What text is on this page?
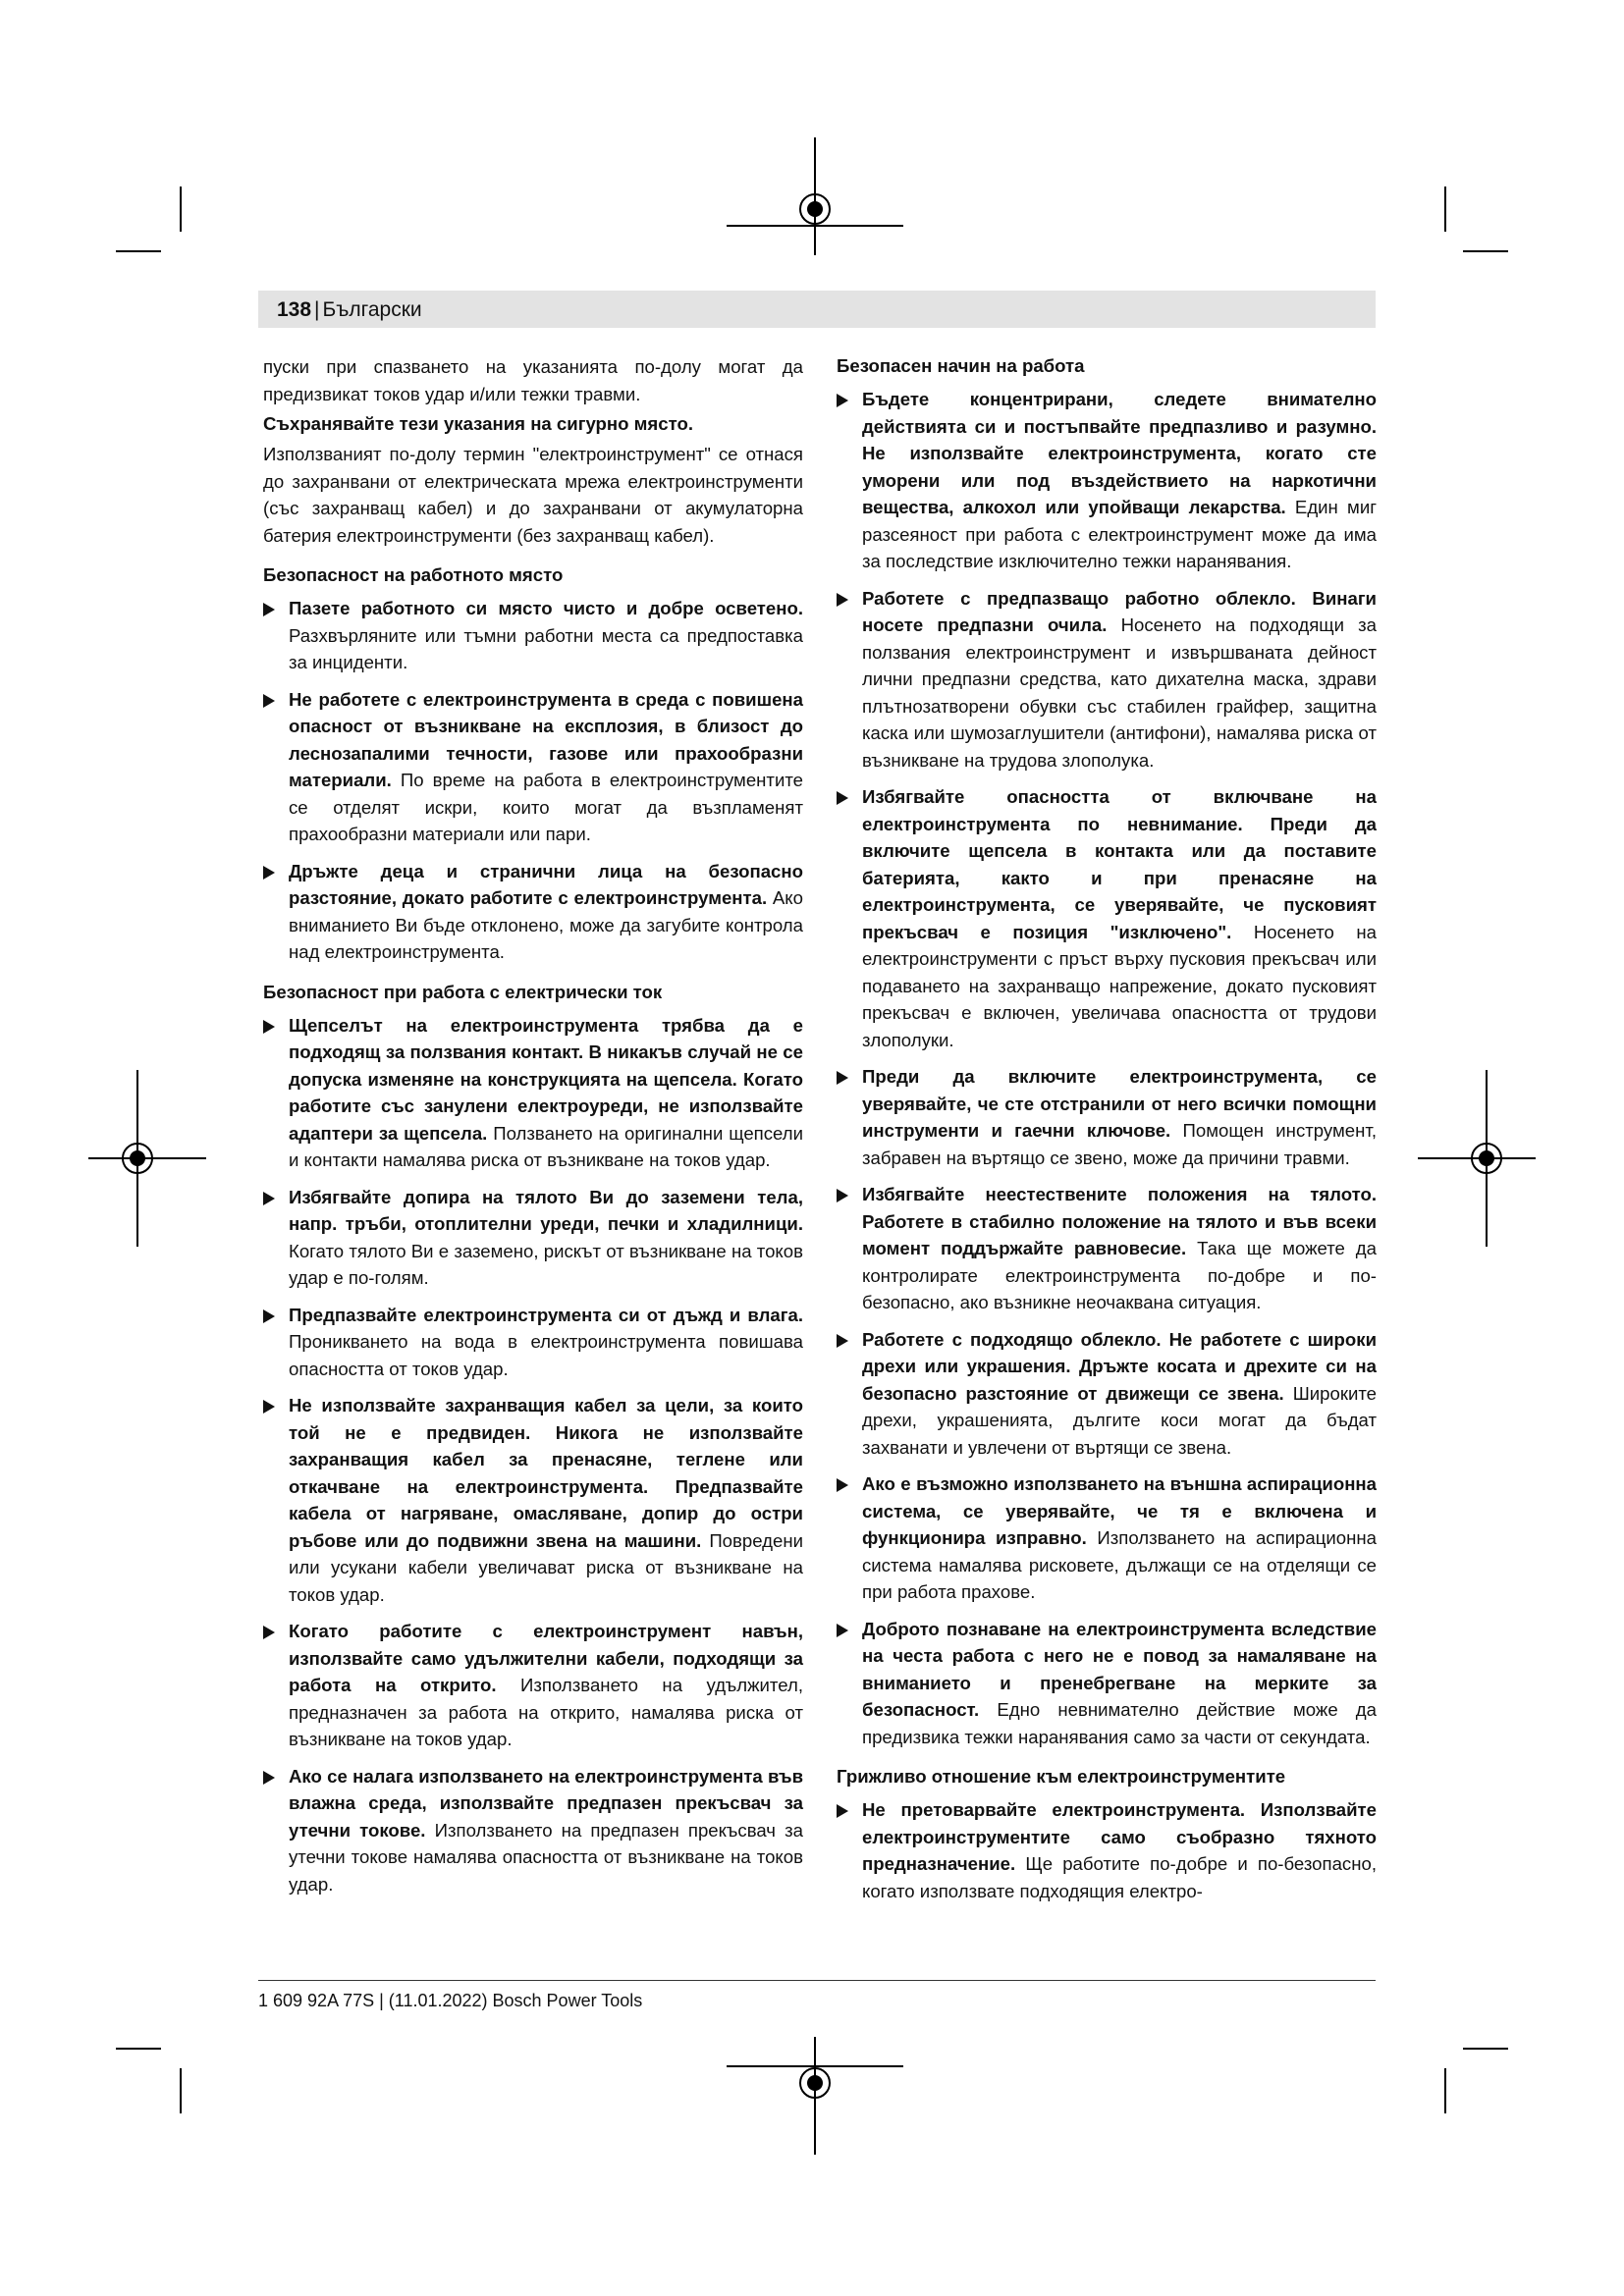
138 | Български

пуски при спазването на указанията по-долу могат да предизвикат токов удар и/или тежки травми.

Съхранявайте тези указания на сигурно място.

Използваният по-долу термин "електроинструмент" се отнася до захранвани от електрическата мрежа електроинструменти (със захранващ кабел) и до захранвани от акумулаторна батерия електроинструменти (без захранващ кабел).

Безопасност на работното място
Пазете работното си място чисто и добре осветено. Разхвърляните или тъмни работни места са предпоставка за инциденти.
Не работете с електроинструмента в среда с повишена опасност от възникване на експлозия, в близост до леснозапалими течности, газове или прахообразни материали. По време на работа в електроинструментите се отделят искри, които могат да възпламенят прахообразни материали или пари.
Дръжте деца и странични лица на безопасно разстояние, докато работите с електроинструмента. Ако вниманието Ви бъде отклонено, може да загубите контрола над електроинструмента.
Безопасност при работа с електрически ток
Щепселът на електроинструмента трябва да е подходящ за ползвания контакт. В никакъв случай не се допуска изменяне на конструкцията на щепсела. Когато работите със занулени електроуреди, не използвайте адаптери за щепсела. Ползването на оригинални щепсели и контакти намалява риска от възникване на токов удар.
Избягвайте допира на тялото Ви до заземени тела, напр. тръби, отоплителни уреди, печки и хладилници. Когато тялото Ви е заземено, рискът от възникване на токов удар е по-голям.
Предпазвайте електроинструмента си от дъжд и влага. Проникването на вода в електроинструмента повишава опасността от токов удар.
Не използвайте захранващия кабел за цели, за които той не е предвиден. Никога не използвайте захранващия кабел за пренасяне, теглене или откачване на електроинструмента. Предпазвайте кабела от нагряване, омасляване, допир до остри ръбове или до подвижни звена на машини. Повредени или усукани кабели увеличават риска от възникване на токов удар.
Когато работите с електроинструмент навън, използвайте само удължителни кабели, подходящи за работа на открито. Използването на удължител, предназначен за работа на открито, намалява риска от възникване на токов удар.
Ако се налага използването на електроинструмента във влажна среда, използвайте предпазен прекъсвач за утечни токове. Използването на предпазен прекъсвач за утечни токове намалява опасността от възникване на токов удар.
Безопасен начин на работа
Бъдете концентрирани, следете внимателно действията си и постъпвайте предпазливо и разумно. Не използвайте електроинструмента, когато сте уморени или под въздействието на наркотични вещества, алкохол или упойващи лекарства. Един миг разсеяност при работа с електроинструмент може да има за последствие изключително тежки наранявания.
Работете с предпазващо работно облекло. Винаги носете предпазни очила. Носенето на подходящи за ползвания електроинструмент и извършваната дейност лични предпазни средства, като дихателна маска, здрави плътнозатворени обувки със стабилен грайфер, защитна каска или шумозаглушители (антифони), намалява риска от възникване на трудова злополука.
Избягвайте опасността от включване на електроинструмента по невнимание. Преди да включите щепсела в контакта или да поставите батерията, както и при пренасяне на електроинструмента, се уверявайте, че пусковият прекъсвач е позиция "изключено". Носенето на електроинструменти с пръст върху пусковия прекъсвач или подаването на захранващо напрежение, докато пусковият прекъсвач е включен, увеличава опасността от трудови злополуки.
Преди да включите електроинструмента, се уверявайте, че сте отстранили от него всички помощни инструменти и гаечни ключове. Помощен инструмент, забравен на въртящо се звено, може да причини травми.
Избягвайте неестествените положения на тялото. Работете в стабилно положение на тялото и във всеки момент поддържайте равновесие. Така ще можете да контролирате електроинструмента по-добре и по-безопасно, ако възникне неочаквана ситуация.
Работете с подходящо облекло. Не работете с широки дрехи или украшения. Дръжте косата и дрехите си на безопасно разстояние от движещи се звена. Широките дрехи, украшенията, дългите коси могат да бъдат захванати и увлечени от въртящи се звена.
Ако е възможно използването на външна аспирационна система, се уверявайте, че тя е включена и функционира изправно. Използването на аспирационна система намалява рисковете, дължащи се на отделящи се при работа прахове.
Доброто познаване на електроинструмента вследствие на честа работа с него не е повод за намаляване на вниманието и пренебрегване на мерките за безопасност. Едно невнимателно действие може да предизвика тежки наранявания само за части от секундата.
Грижливо отношение към електроинструментите
Не претоварвайте електроинструмента. Използвайте електроинструментите само съобразно тяхното предназначение. Ще работите по-добре и по-безопасно, когато използвате подходящия електро-
1 609 92A 77S | (11.01.2022) Bosch Power Tools
